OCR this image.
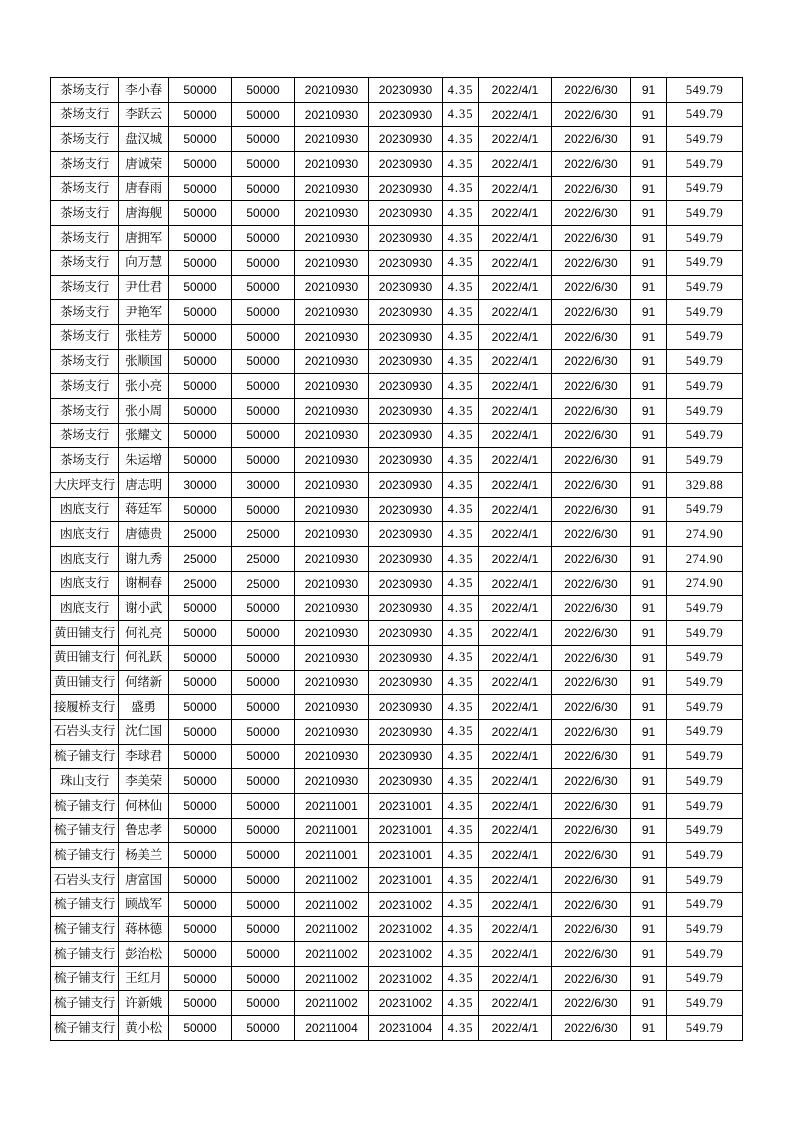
茶场支行	李小春	50000	50000	20210930	20230930	4.35	2022/4/1	2022/6/30	91	549.79
茶场支行	李跃云	50000	50000	20210930	20230930	4.35	2022/4/1	2022/6/30	91	549.79
茶场支行	盘汉城	50000	50000	20210930	20230930	4.35	2022/4/1	2022/6/30	91	549.79
茶场支行	唐诚荣	50000	50000	20210930	20230930	4.35	2022/4/1	2022/6/30	91	549.79
茶场支行	唐春雨	50000	50000	20210930	20230930	4.35	2022/4/1	2022/6/30	91	549.79
茶场支行	唐海舰	50000	50000	20210930	20230930	4.35	2022/4/1	2022/6/30	91	549.79
茶场支行	唐拥军	50000	50000	20210930	20230930	4.35	2022/4/1	2022/6/30	91	549.79
茶场支行	向万慧	50000	50000	20210930	20230930	4.35	2022/4/1	2022/6/30	91	549.79
茶场支行	尹仕君	50000	50000	20210930	20230930	4.35	2022/4/1	2022/6/30	91	549.79
茶场支行	尹艳军	50000	50000	20210930	20230930	4.35	2022/4/1	2022/6/30	91	549.79
茶场支行	张桂芳	50000	50000	20210930	20230930	4.35	2022/4/1	2022/6/30	91	549.79
茶场支行	张顺国	50000	50000	20210930	20230930	4.35	2022/4/1	2022/6/30	91	549.79
茶场支行	张小亮	50000	50000	20210930	20230930	4.35	2022/4/1	2022/6/30	91	549.79
茶场支行	张小周	50000	50000	20210930	20230930	4.35	2022/4/1	2022/6/30	91	549.79
茶场支行	张耀文	50000	50000	20210930	20230930	4.35	2022/4/1	2022/6/30	91	549.79
茶场支行	朱运增	50000	50000	20210930	20230930	4.35	2022/4/1	2022/6/30	91	549.79
大庆坪支行	唐志明	30000	30000	20210930	20230930	4.35	2022/4/1	2022/6/30	91	329.88
凼底支行	蒋廷军	50000	50000	20210930	20230930	4.35	2022/4/1	2022/6/30	91	549.79
凼底支行	唐德贵	25000	25000	20210930	20230930	4.35	2022/4/1	2022/6/30	91	274.90
凼底支行	谢九秀	25000	25000	20210930	20230930	4.35	2022/4/1	2022/6/30	91	274.90
凼底支行	谢桐春	25000	25000	20210930	20230930	4.35	2022/4/1	2022/6/30	91	274.90
凼底支行	谢小武	50000	50000	20210930	20230930	4.35	2022/4/1	2022/6/30	91	549.79
黄田铺支行	何礼亮	50000	50000	20210930	20230930	4.35	2022/4/1	2022/6/30	91	549.79
黄田铺支行	何礼跃	50000	50000	20210930	20230930	4.35	2022/4/1	2022/6/30	91	549.79
黄田铺支行	何绪新	50000	50000	20210930	20230930	4.35	2022/4/1	2022/6/30	91	549.79
接履桥支行	盛勇	50000	50000	20210930	20230930	4.35	2022/4/1	2022/6/30	91	549.79
石岩头支行	沈仁国	50000	50000	20210930	20230930	4.35	2022/4/1	2022/6/30	91	549.79
梳子铺支行	李球君	50000	50000	20210930	20230930	4.35	2022/4/1	2022/6/30	91	549.79
珠山支行	李美荣	50000	50000	20210930	20230930	4.35	2022/4/1	2022/6/30	91	549.79
梳子铺支行	何林仙	50000	50000	20211001	20231001	4.35	2022/4/1	2022/6/30	91	549.79
梳子铺支行	鲁忠孝	50000	50000	20211001	20231001	4.35	2022/4/1	2022/6/30	91	549.79
梳子铺支行	杨美兰	50000	50000	20211001	20231001	4.35	2022/4/1	2022/6/30	91	549.79
石岩头支行	唐富国	50000	50000	20211002	20231001	4.35	2022/4/1	2022/6/30	91	549.79
梳子铺支行	顾战军	50000	50000	20211002	20231002	4.35	2022/4/1	2022/6/30	91	549.79
梳子铺支行	蒋林德	50000	50000	20211002	20231002	4.35	2022/4/1	2022/6/30	91	549.79
梳子铺支行	彭治松	50000	50000	20211002	20231002	4.35	2022/4/1	2022/6/30	91	549.79
梳子铺支行	王红月	50000	50000	20211002	20231002	4.35	2022/4/1	2022/6/30	91	549.79
梳子铺支行	许新娥	50000	50000	20211002	20231002	4.35	2022/4/1	2022/6/30	91	549.79
梳子铺支行	黄小松	50000	50000	20211004	20231004	4.35	2022/4/1	2022/6/30	91	549.79
